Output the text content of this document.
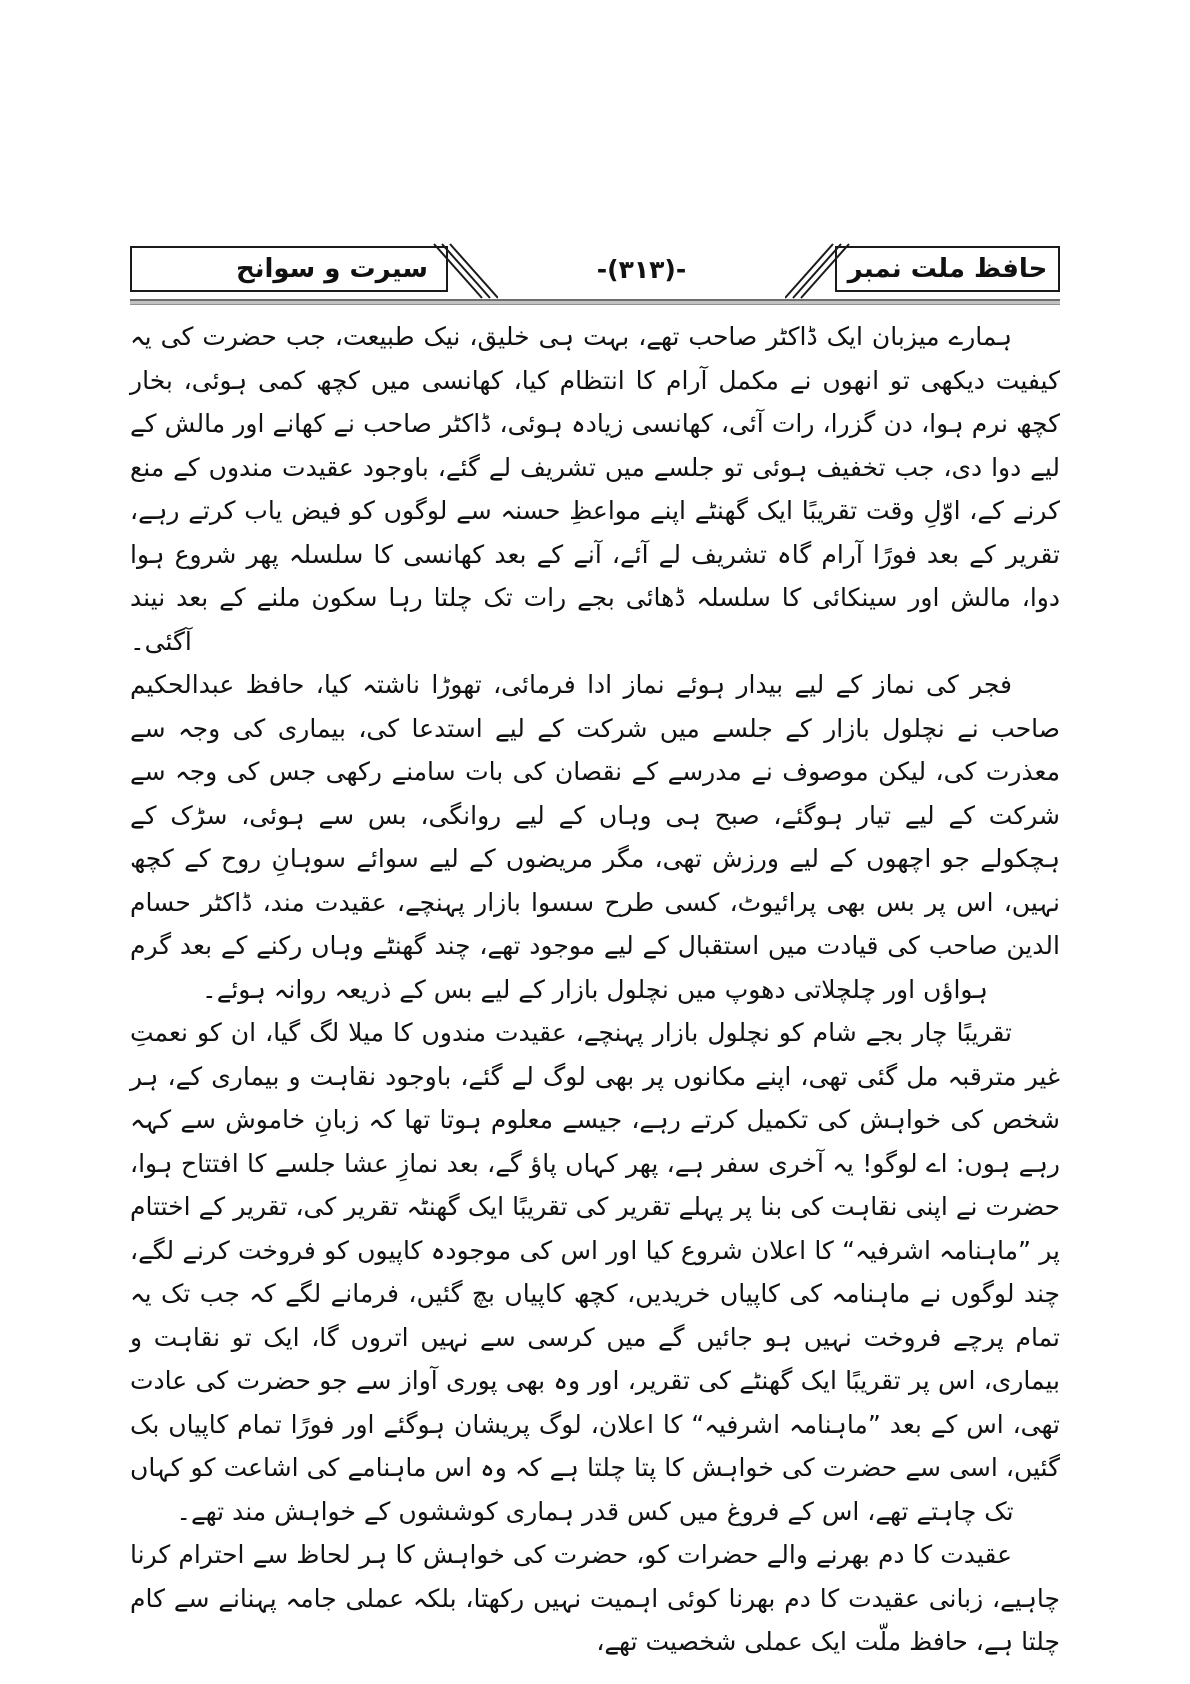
سیرت و سوانح	-(۳۱۳)-	حافظ ملت نمبر

ہمارے میزبان ایک ڈاکٹر صاحب تھے، بہت ہی خلیق، نیک طبیعت، جب حضرت کی یہ کیفیت دیکھی تو انھوں نے مکمل آرام کا انتظام کیا، کھانسی میں کچھ کمی ہوئی، بخار کچھ نرم ہوا، دن گزرا، رات آئی، کھانسی زیادہ ہوئی، ڈاکٹر صاحب نے کھانے اور مالش کے لیے دوا دی، جب تخفیف ہوئی تو جلسے میں تشریف لے گئے، باوجود عقیدت مندوں کے منع کرنے کے، اوّلِ وقت تقریبًا ایک گھنٹے اپنے مواعظِ حسنہ سے لوگوں کو فیض یاب کرتے رہے، تقریر کے بعد فورًا آرام گاہ تشریف لے آئے، آنے کے بعد کھانسی کا سلسلہ پھر شروع ہوا دوا، مالش اور سینکائی کا سلسلہ ڈھائی بجے رات تک چلتا رہا سکون ملنے کے بعد نیند آگئی۔

فجر کی نماز کے لیے بیدار ہوئے نماز ادا فرمائی، تھوڑا ناشتہ کیا، حافظ عبدالحکیم صاحب نے نچلول بازار کے جلسے میں شرکت کے لیے استدعا کی، بیماری کی وجہ سے معذرت کی، لیکن موصوف نے مدرسے کے نقصان کی بات سامنے رکھی جس کی وجہ سے شرکت کے لیے تیار ہوگئے، صبح ہی وہاں کے لیے روانگی، بس سے ہوئی، سڑک کے ہچکولے جو اچھوں کے لیے ورزش تھی، مگر مریضوں کے لیے سوائے سوہانِ روح کے کچھ نہیں، اس پر بس بھی پرائیوٹ، کسی طرح سسوا بازار پہنچے، عقیدت مند، ڈاکٹر حسام الدین صاحب کی قیادت میں استقبال کے لیے موجود تھے، چند گھنٹے وہاں رکنے کے بعد گرم ہواؤں اور چلچلاتی دھوپ میں نچلول بازار کے لیے بس کے ذریعہ روانہ ہوئے۔

تقریبًا چار بجے شام کو نچلول بازار پہنچے، عقیدت مندوں کا میلا لگ گیا، ان کو نعمتِ غیر مترقبہ مل گئی تھی، اپنے مکانوں پر بھی لوگ لے گئے، باوجود نقاہت و بیماری کے، ہر شخص کی خواہش کی تکمیل کرتے رہے، جیسے معلوم ہوتا تھا کہ زبانِ خاموش سے کہہ رہے ہوں: اے لوگو! یہ آخری سفر ہے، پھر کہاں پاؤ گے، بعد نمازِ عشا جلسے کا افتتاح ہوا، حضرت نے اپنی نقاہت کی بنا پر پہلے تقریر کی تقریبًا ایک گھنٹہ تقریر کی، تقریر کے اختتام پر ”ماہنامہ اشرفیہ“ کا اعلان شروع کیا اور اس کی موجودہ کاپیوں کو فروخت کرنے لگے، چند لوگوں نے ماہنامہ کی کاپیاں خریدیں، کچھ کاپیاں بچ گئیں، فرمانے لگے کہ جب تک یہ تمام پرچے فروخت نہیں ہو جائیں گے میں کرسی سے نہیں اتروں گا، ایک تو نقاہت و بیماری، اس پر تقریبًا ایک گھنٹے کی تقریر، اور وہ بھی پوری آواز سے جو حضرت کی عادت تھی، اس کے بعد ”ماہنامہ اشرفیہ“ کا اعلان، لوگ پریشان ہوگئے اور فورًا تمام کاپیاں بک گئیں، اسی سے حضرت کی خواہش کا پتا چلتا ہے کہ وہ اس ماہنامے کی اشاعت کو کہاں تک چاہتے تھے، اس کے فروغ میں کس قدر ہماری کوششوں کے خواہش مند تھے۔

عقیدت کا دم بھرنے والے حضرات کو، حضرت کی خواہش کا ہر لحاظ سے احترام کرنا چاہیے، زبانی عقیدت کا دم بھرنا کوئی اہمیت نہیں رکھتا، بلکہ عملی جامہ پہنانے سے کام چلتا ہے، حافظ ملّت ایک عملی شخصیت تھے،
